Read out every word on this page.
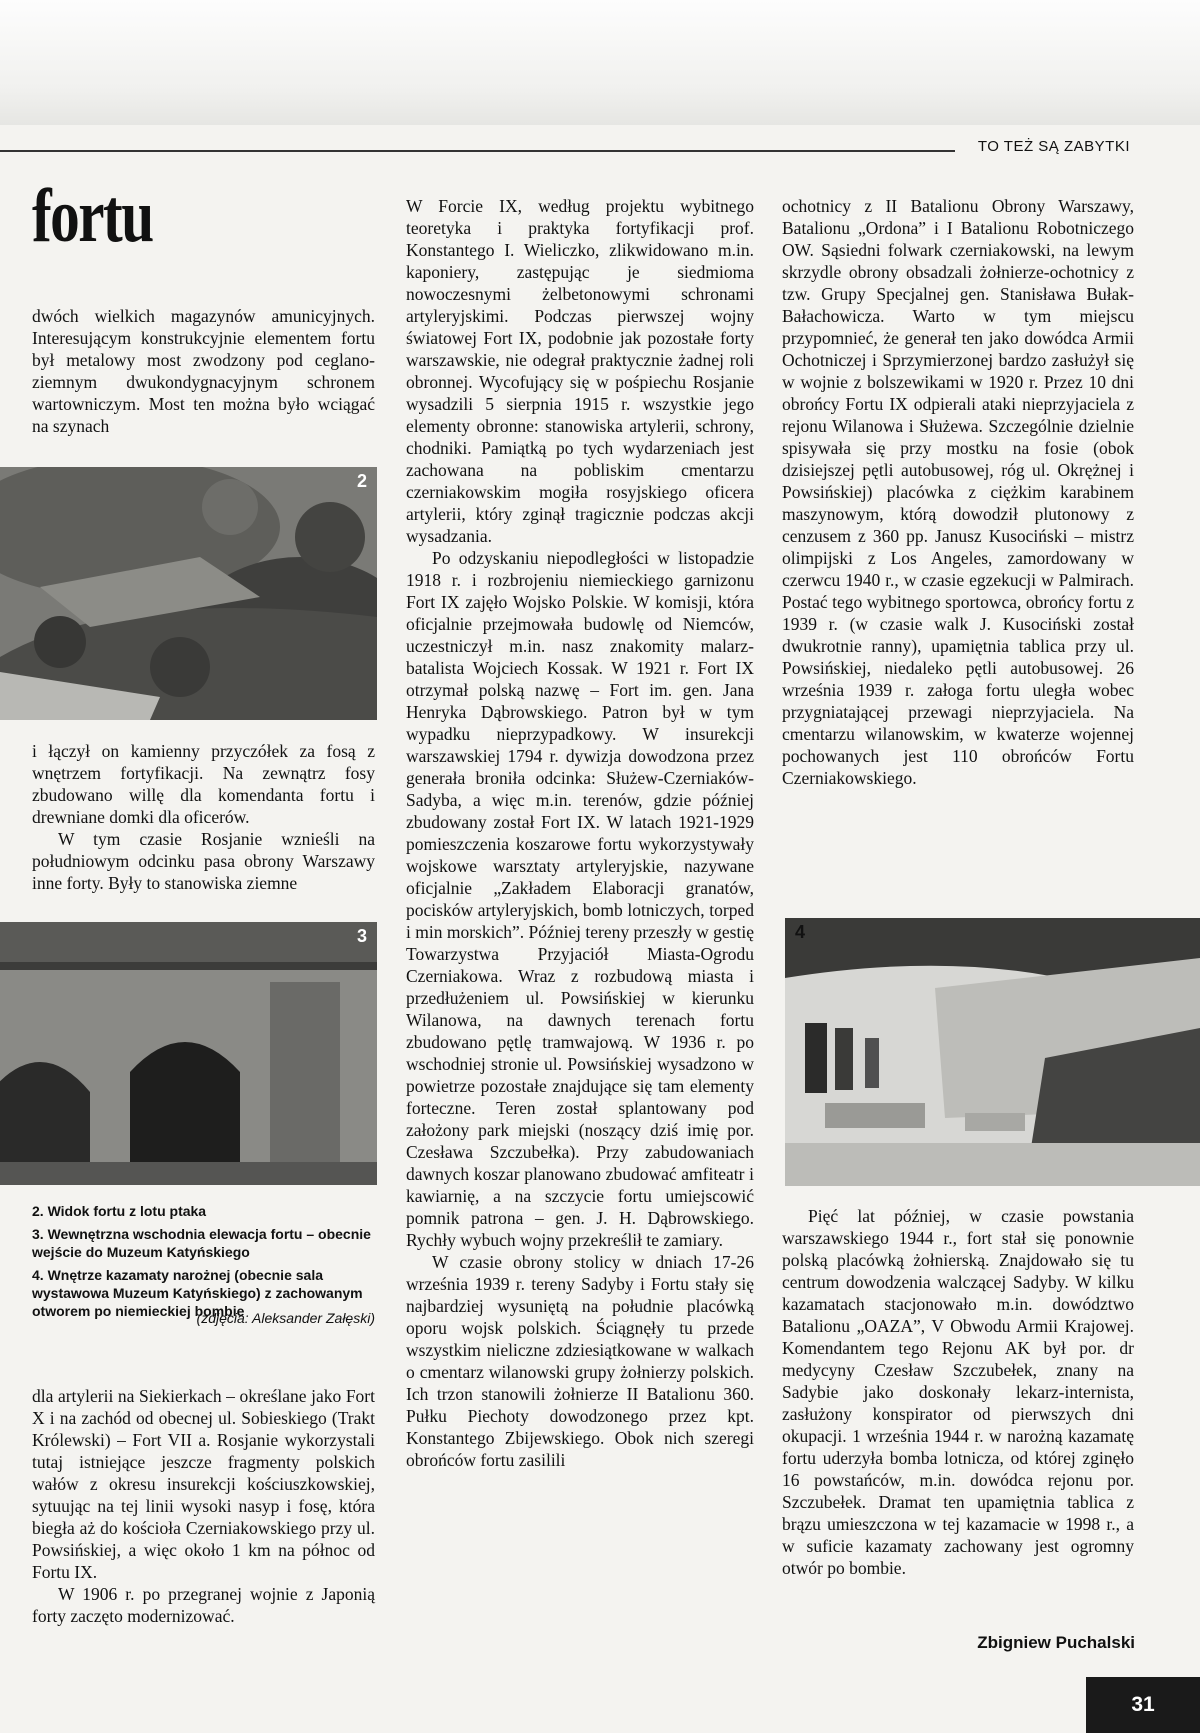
TO TEŻ SĄ ZABYTKI
fortu

dwóch wielkich magazynów amunicyjnych. Interesującym konstrukcyjnie elementem fortu był metalowy most zwodzony pod ceglano-ziemnym dwukondygnacyjnym schronem wartowniczym. Most ten można było wciągać na szynach

2

i łączył on kamienny przyczółek za fosą z wnętrzem fortyfikacji. Na zewnątrz fosy zbudowano willę dla komendanta fortu i drewniane domki dla oficerów.

W tym czasie Rosjanie wznieśli na południowym odcinku pasa obrony Warszawy inne forty. Były to stanowiska ziemne

3

2. Widok fortu z lotu ptaka

3. Wewnętrzna wschodnia elewacja fortu – obecnie wejście do Muzeum Katyńskiego

4. Wnętrze kazamaty narożnej (obecnie sala wystawowa Muzeum Katyńskiego) z zachowanym otworem po niemieckiej bombie

(zdjęcia: Aleksander Załęski)

dla artylerii na Siekierkach – określane jako Fort X i na zachód od obecnej ul. Sobieskiego (Trakt Królewski) – Fort VII a. Rosjanie wykorzystali tutaj istniejące jeszcze fragmenty polskich wałów z okresu insurekcji kościuszkowskiej, sytuując na tej linii wysoki nasyp i fosę, która biegła aż do kościoła Czerniakowskiego przy ul. Powsińskiej, a więc około 1 km na północ od Fortu IX.

W 1906 r. po przegranej wojnie z Japonią forty zaczęto modernizować.

W Forcie IX, według projektu wybitnego teoretyka i praktyka fortyfikacji prof. Konstantego I. Wieliczko, zlikwidowano m.in. kaponiery, zastępując je siedmioma nowoczesnymi żelbetonowymi schronami artyleryjskimi. Podczas pierwszej wojny światowej Fort IX, podobnie jak pozostałe forty warszawskie, nie odegrał praktycznie żadnej roli obronnej. Wycofujący się w pośpiechu Rosjanie wysadzili 5 sierpnia 1915 r. wszystkie jego elementy obronne: stanowiska artylerii, schrony, chodniki. Pamiątką po tych wydarzeniach jest zachowana na pobliskim cmentarzu czerniakowskim mogiła rosyjskiego oficera artylerii, który zginął tragicznie podczas akcji wysadzania.

Po odzyskaniu niepodległości w listopadzie 1918 r. i rozbrojeniu niemieckiego garnizonu Fort IX zajęło Wojsko Polskie. W komisji, która oficjalnie przejmowała budowlę od Niemców, uczestniczył m.in. nasz znakomity malarz-batalista Wojciech Kossak. W 1921 r. Fort IX otrzymał polską nazwę – Fort im. gen. Jana Henryka Dąbrowskiego. Patron był w tym wypadku nieprzypadkowy. W insurekcji warszawskiej 1794 r. dywizja dowodzona przez generała broniła odcinka: Służew-Czerniaków-Sadyba, a więc m.in. terenów, gdzie później zbudowany został Fort IX. W latach 1921-1929 pomieszczenia koszarowe fortu wykorzystywały wojskowe warsztaty artyleryjskie, nazywane oficjalnie „Zakładem Elaboracji granatów, pocisków artyleryjskich, bomb lotniczych, torped i min morskich”. Później tereny przeszły w gestię Towarzystwa Przyjaciół Miasta-Ogrodu Czerniakowa. Wraz z rozbudową miasta i przedłużeniem ul. Powsińskiej w kierunku Wilanowa, na dawnych terenach fortu zbudowano pętlę tramwajową. W 1936 r. po wschodniej stronie ul. Powsińskiej wysadzono w powietrze pozostałe znajdujące się tam elementy forteczne. Teren został splantowany pod założony park miejski (noszący dziś imię por. Czesława Szczubełka). Przy zabudowaniach dawnych koszar planowano zbudować amfiteatr i kawiarnię, a na szczycie fortu umiejscowić pomnik patrona – gen. J. H. Dąbrowskiego. Rychły wybuch wojny przekreślił te zamiary.

W czasie obrony stolicy w dniach 17-26 września 1939 r. tereny Sadyby i Fortu stały się najbardziej wysuniętą na południe placówką oporu wojsk polskich. Ściągnęły tu przede wszystkim nieliczne zdziesiątkowane w walkach o cmentarz wilanowski grupy żołnierzy polskich. Ich trzon stanowili żołnierze II Batalionu 360. Pułku Piechoty dowodzonego przez kpt. Konstantego Zbijewskiego. Obok nich szeregi obrońców fortu zasilili

ochotnicy z II Batalionu Obrony Warszawy, Batalionu „Ordona” i I Batalionu Robotniczego OW. Sąsiedni folwark czerniakowski, na lewym skrzydle obrony obsadzali żołnierze-ochotnicy z tzw. Grupy Specjalnej gen. Stanisława Bułak-Bałachowicza. Warto w tym miejscu przypomnieć, że generał ten jako dowódca Armii Ochotniczej i Sprzymierzonej bardzo zasłużył się w wojnie z bolszewikami w 1920 r. Przez 10 dni obrońcy Fortu IX odpierali ataki nieprzyjaciela z rejonu Wilanowa i Służewa. Szczególnie dzielnie spisywała się przy mostku na fosie (obok dzisiejszej pętli autobusowej, róg ul. Okrężnej i Powsińskiej) placówka z ciężkim karabinem maszynowym, którą dowodził plutonowy z cenzusem z 360 pp. Janusz Kusociński – mistrz olimpijski z Los Angeles, zamordowany w czerwcu 1940 r., w czasie egzekucji w Palmirach. Postać tego wybitnego sportowca, obrońcy fortu z 1939 r. (w czasie walk J. Kusociński został dwukrotnie ranny), upamiętnia tablica przy ul. Powsińskiej, niedaleko pętli autobusowej. 26 września 1939 r. załoga fortu uległa wobec przygniatającej przewagi nieprzyjaciela. Na cmentarzu wilanowskim, w kwaterze wojennej pochowanych jest 110 obrońców Fortu Czerniakowskiego.

4

Pięć lat później, w czasie powstania warszawskiego 1944 r., fort stał się ponownie polską placówką żołnierską. Znajdowało się tu centrum dowodzenia walczącej Sadyby. W kilku kazamatach stacjonowało m.in. dowództwo Batalionu „OAZA”, V Obwodu Armii Krajowej. Komendantem tego Rejonu AK był por. dr medycyny Czesław Szczubełek, znany na Sadybie jako doskonały lekarz-internista, zasłużony konspirator od pierwszych dni okupacji. 1 września 1944 r. w narożną kazamatę fortu uderzyła bomba lotnicza, od której zginęło 16 powstańców, m.in. dowódca rejonu por. Szczubełek. Dramat ten upamiętnia tablica z brązu umieszczona w tej kazamacie w 1998 r., a w suficie kazamaty zachowany jest ogromny otwór po bombie.

Zbigniew Puchalski
31
